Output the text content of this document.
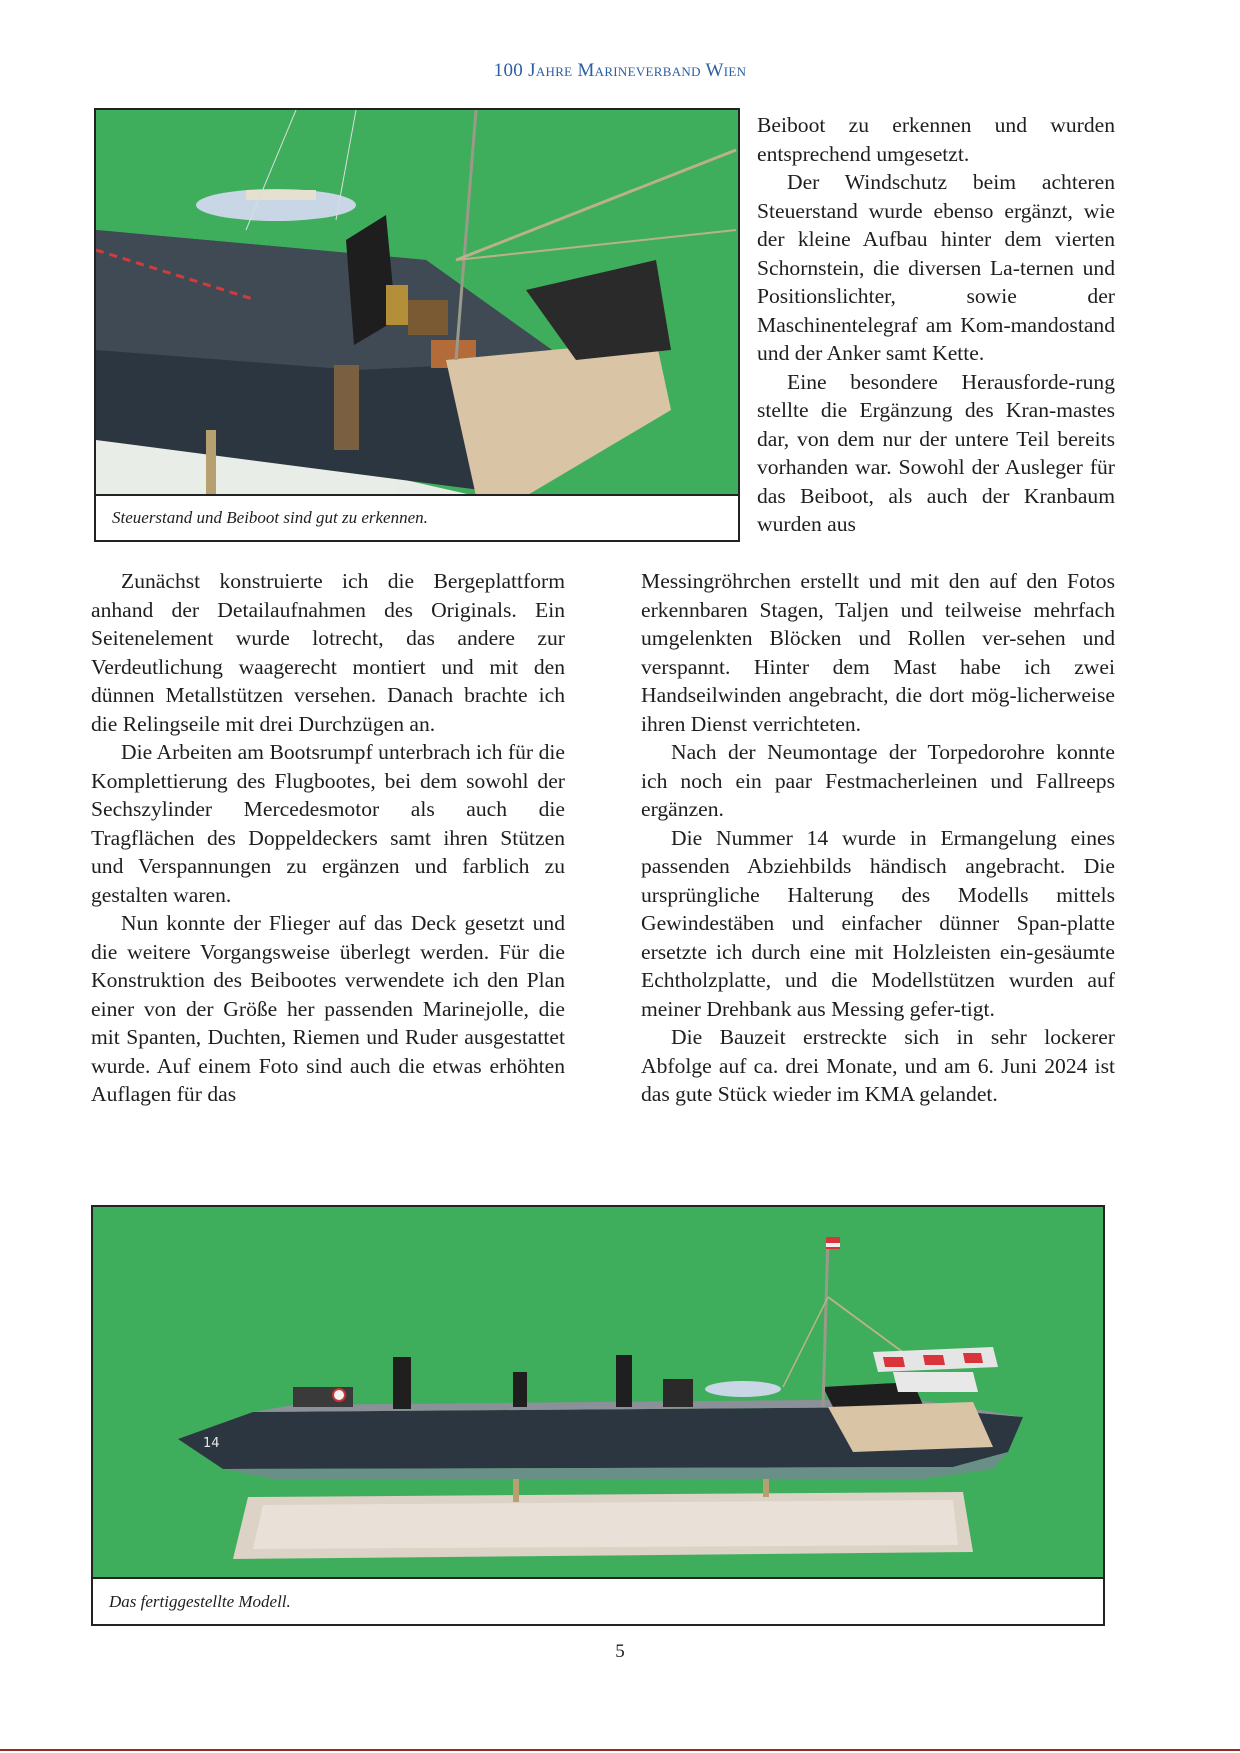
100 Jahre Marineverband Wien
Steuerstand und Beiboot sind gut zu erkennen.

Beiboot zu erkennen und wurden entsprechend umgesetzt.

Der Windschutz beim achteren Steuerstand wurde ebenso ergänzt, wie der kleine Aufbau hinter dem vierten Schornstein, die diversen La-ternen und Positionslichter, sowie der Maschinentelegraf am Kom-mandostand und der Anker samt Kette.

Eine besondere Herausforde-rung stellte die Ergänzung des Kran-mastes dar, von dem nur der untere Teil bereits vorhanden war. Sowohl der Ausleger für das Beiboot, als auch der Kranbaum wurden aus

Messingröhrchen erstellt und mit den auf den Fotos erkennbaren Stagen, Taljen und teilweise mehrfach umgelenkten Blöcken und Rollen ver-sehen und verspannt. Hinter dem Mast habe ich zwei Handseilwinden angebracht, die dort mög-licherweise ihren Dienst verrichteten.

Nach der Neumontage der Torpedorohre konnte ich noch ein paar Festmacherleinen und Fallreeps ergänzen.

Die Nummer 14 wurde in Ermangelung eines passenden Abziehbilds händisch angebracht. Die ursprüngliche Halterung des Modells mittels Gewindestäben und einfacher dünner Span-platte ersetzte ich durch eine mit Holzleisten ein-gesäumte Echtholzplatte, und die Modellstützen wurden auf meiner Drehbank aus Messing gefer-tigt.

Die Bauzeit erstreckte sich in sehr lockerer Abfolge auf ca. drei Monate, und am 6. Juni 2024 ist das gute Stück wieder im KMA gelandet.

Zunächst konstruierte ich die Bergeplattform anhand der Detailaufnahmen des Originals. Ein Seitenelement wurde lotrecht, das andere zur Verdeutlichung waagerecht montiert und mit den dünnen Metallstützen versehen. Danach brachte ich die Relingseile mit drei Durchzügen an.

Die Arbeiten am Bootsrumpf unterbrach ich für die Komplettierung des Flugbootes, bei dem sowohl der Sechszylinder Mercedesmotor als auch die Tragflächen des Doppeldeckers samt ihren Stützen und Verspannungen zu ergänzen und farblich zu gestalten waren.

Nun konnte der Flieger auf das Deck gesetzt und die weitere Vorgangsweise überlegt werden. Für die Konstruktion des Beibootes verwendete ich den Plan einer von der Größe her passenden Marinejolle, die mit Spanten, Duchten, Riemen und Ruder ausgestattet wurde. Auf einem Foto sind auch die etwas erhöhten Auflagen für das

14
Das fertiggestellte Modell.
5
